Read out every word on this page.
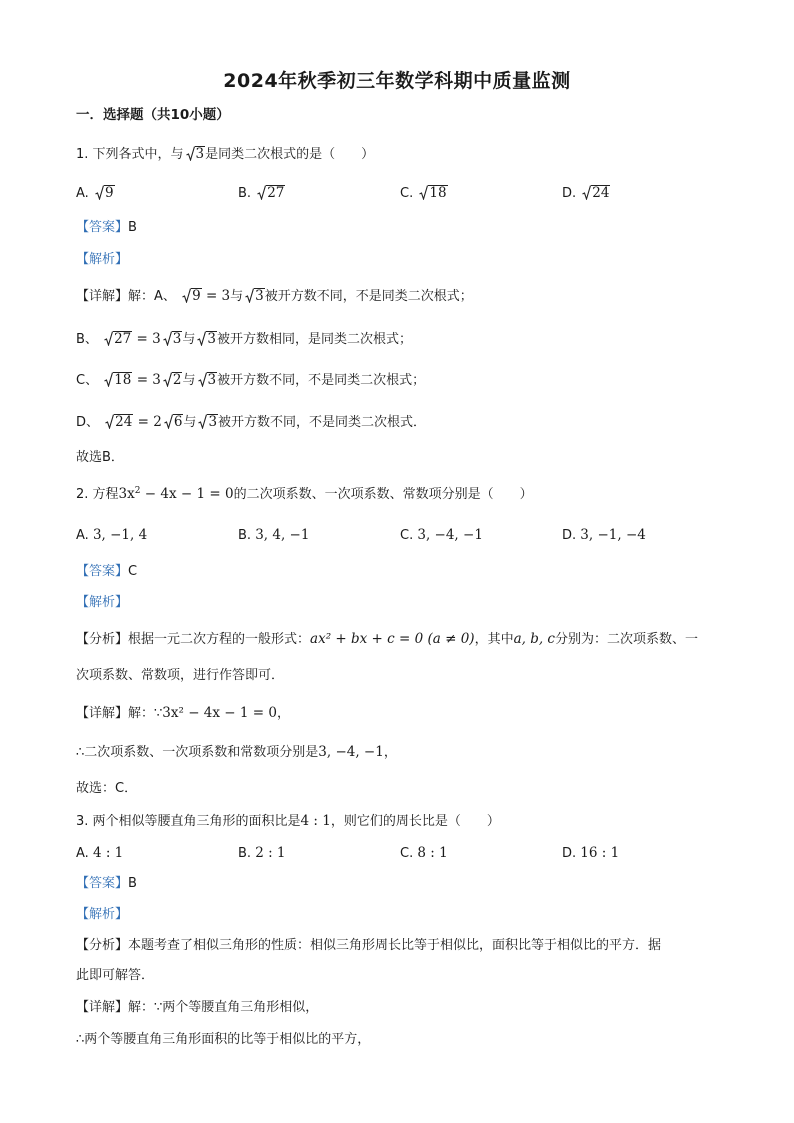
2024年秋季初三年数学科期中质量监测
一．选择题（共10小题）
1. 下列各式中，与 3是同类二次根式的是（　　）
A. 9	B. 27	C. 18	D. 24
【答案】B
【解析】
【详解】解：A、 9 = 3与 3被开方数不同，不是同类二次根式；
B、 27 = 3 3与 3被开方数相同，是同类二次根式；
C、 18 = 3 2与 3被开方数不同，不是同类二次根式；
D、 24 = 2 6与 3被开方数不同，不是同类二次根式．
故选B．
2. 方程$3x^2 - 4x - 1 = 0$的二次项系数、一次项系数、常数项分别是（　　）
A. 3, −1, 4	B. 3, 4, −1	C. 3, −4, −1	D. 3, −1, −4
【答案】C
【解析】
【分析】根据一元二次方程的一般形式：ax² + bx + c = 0 (a ≠ 0)，其中a, b, c分别为：二次项系数、一
次项系数、常数项，进行作答即可．
【详解】解：∵3x² − 4x − 1 = 0，
∴二次项系数、一次项系数和常数项分别是3, −4, −1，
故选：C．
3. 两个相似等腰直角三角形的面积比是4 : 1，则它们的周长比是（　　）
A. 4 : 1	B. 2 : 1	C. 8 : 1	D. 16 : 1
【答案】B
【解析】
【分析】本题考查了相似三角形的性质：相似三角形周长比等于相似比，面积比等于相似比的平方．据
此即可解答．
【详解】解：∵两个等腰直角三角形相似，
∴两个等腰直角三角形面积的比等于相似比的平方，
